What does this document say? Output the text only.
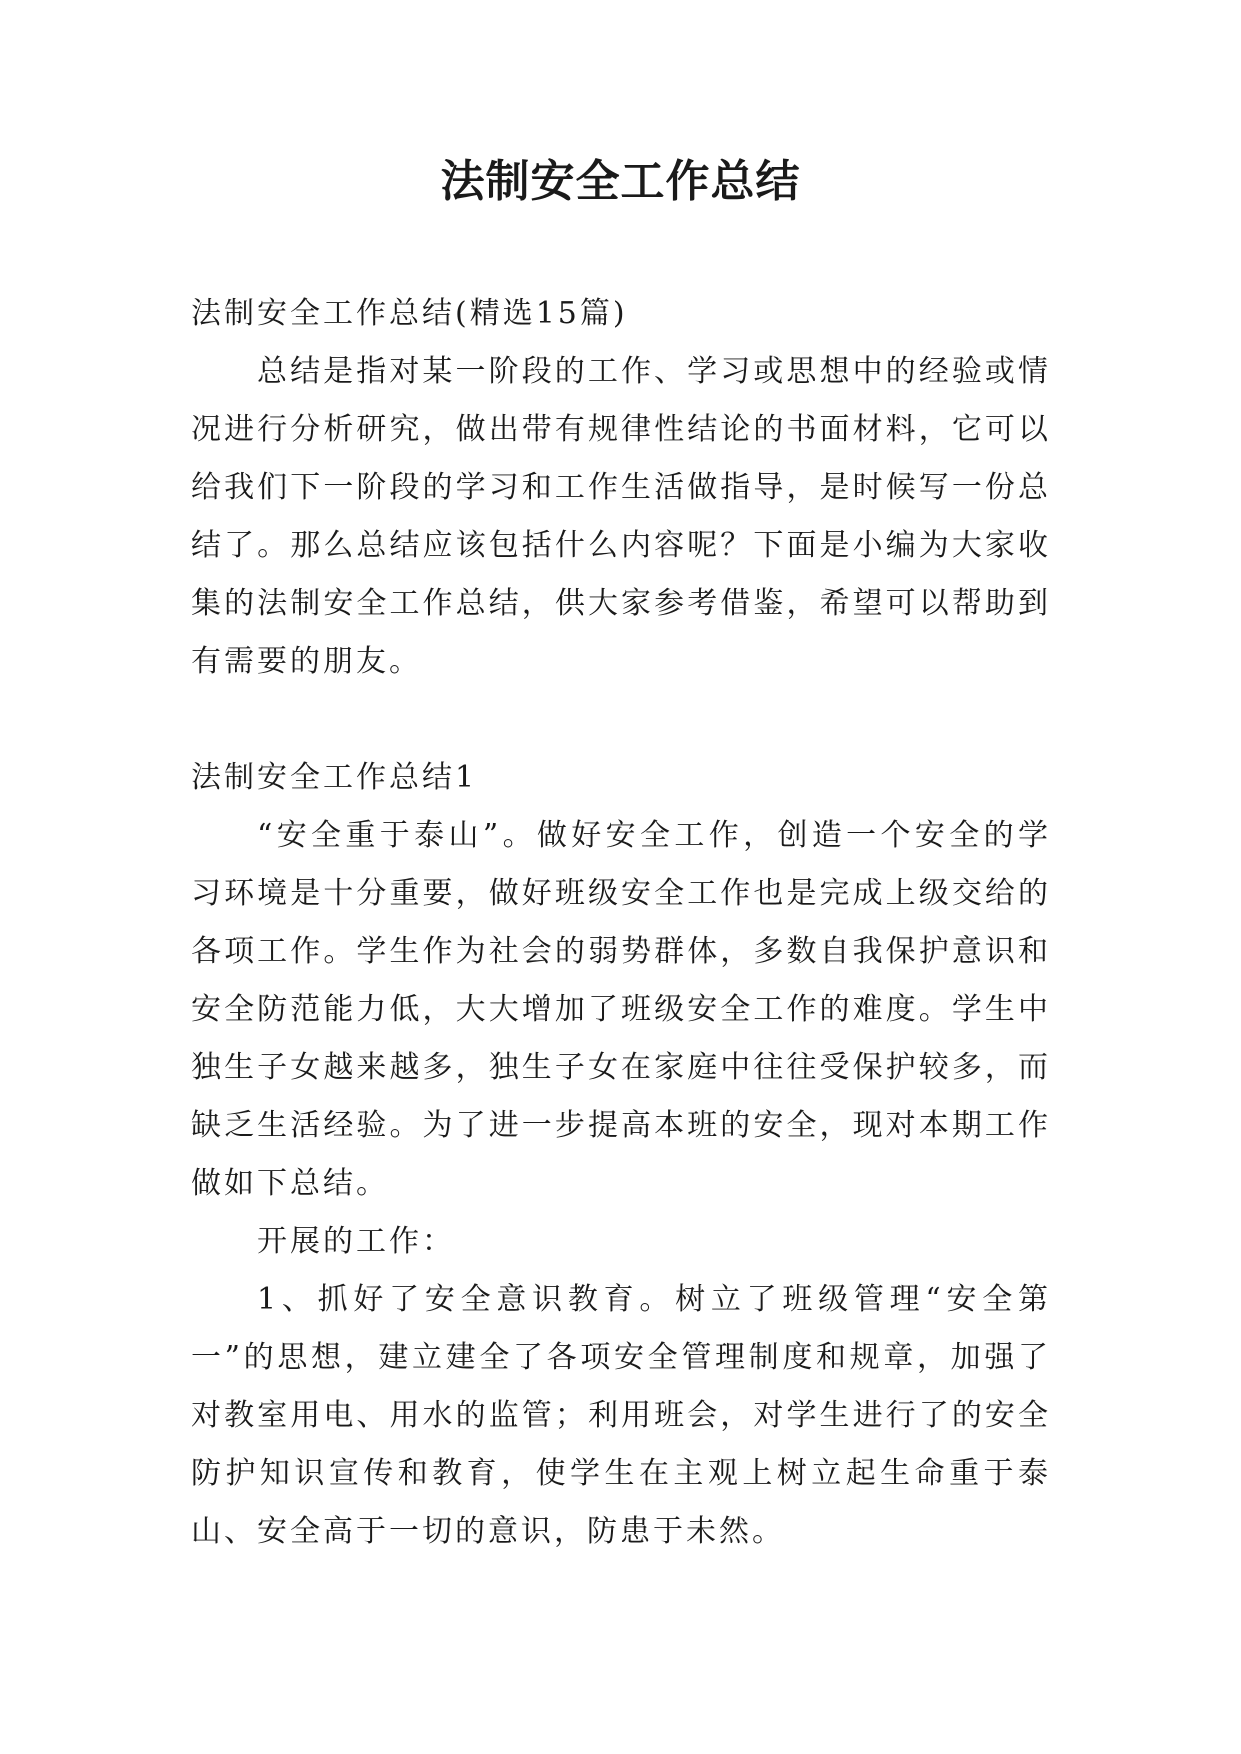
法制安全工作总结

法制安全工作总结(精选15篇)

总结是指对某一阶段的工作、学习或思想中的经验或情况进行分析研究，做出带有规律性结论的书面材料，它可以给我们下一阶段的学习和工作生活做指导，是时候写一份总结了。那么总结应该包括什么内容呢？下面是小编为大家收集的法制安全工作总结，供大家参考借鉴，希望可以帮助到有需要的朋友。

法制安全工作总结1

“安全重于泰山”。做好安全工作，创造一个安全的学习环境是十分重要，做好班级安全工作也是完成上级交给的各项工作。学生作为社会的弱势群体，多数自我保护意识和安全防范能力低，大大增加了班级安全工作的难度。学生中独生子女越来越多，独生子女在家庭中往往受保护较多，而缺乏生活经验。为了进一步提高本班的安全，现对本期工作做如下总结。

开展的工作：

1、抓好了安全意识教育。树立了班级管理“安全第一”的思想，建立建全了各项安全管理制度和规章，加强了对教室用电、用水的监管；利用班会，对学生进行了的安全防护知识宣传和教育，使学生在主观上树立起生命重于泰山、安全高于一切的意识，防患于未然。
